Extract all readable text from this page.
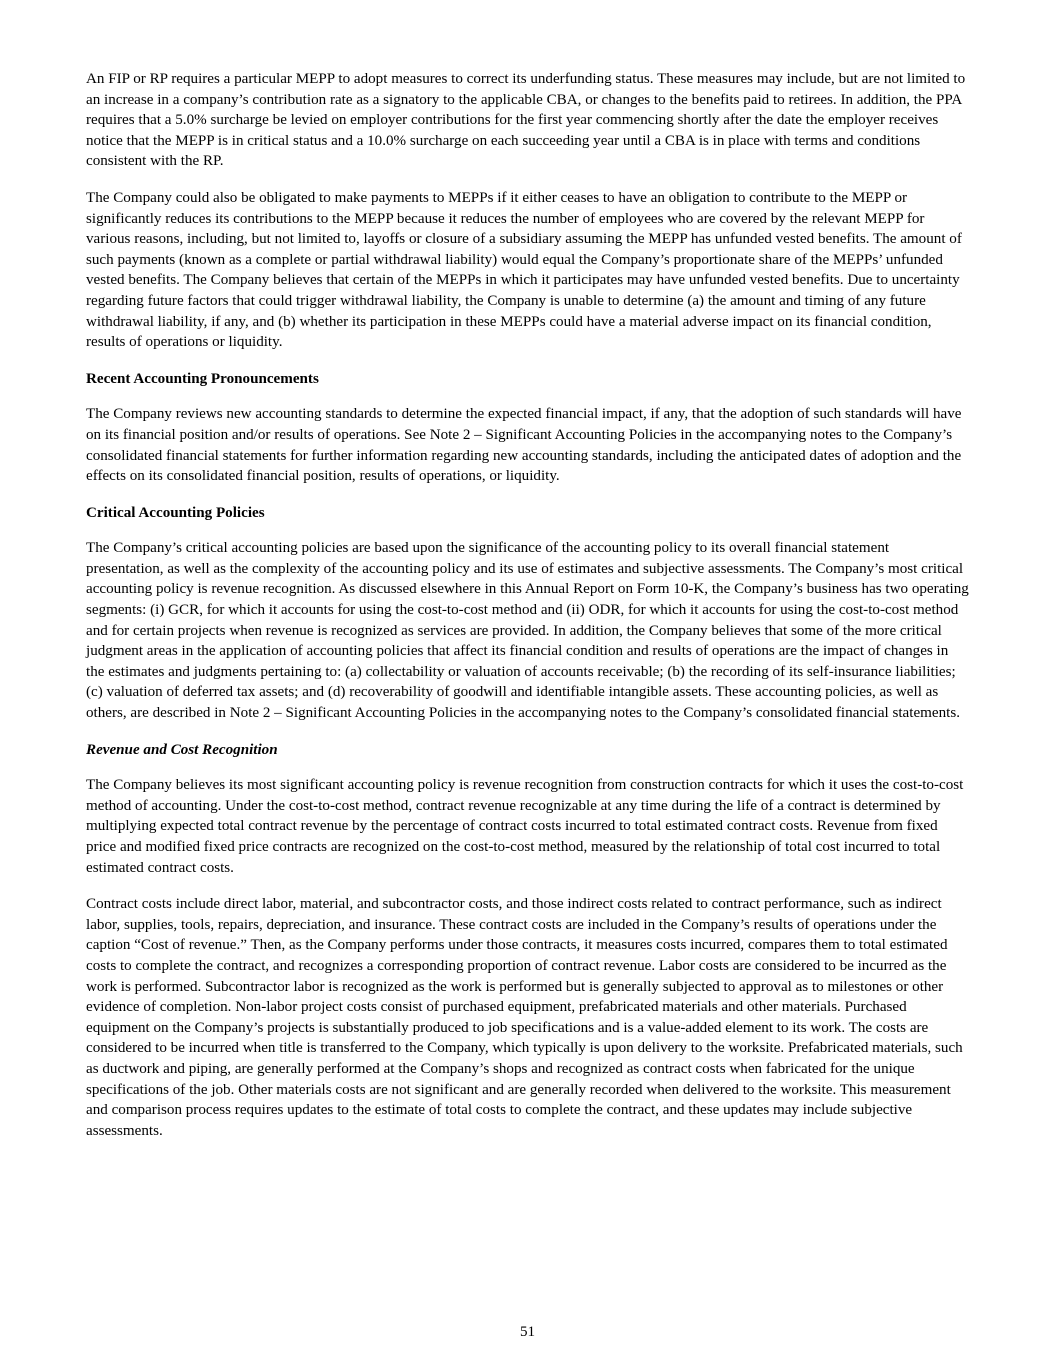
An FIP or RP requires a particular MEPP to adopt measures to correct its underfunding status. These measures may include, but are not limited to an increase in a company’s contribution rate as a signatory to the applicable CBA, or changes to the benefits paid to retirees. In addition, the PPA requires that a 5.0% surcharge be levied on employer contributions for the first year commencing shortly after the date the employer receives notice that the MEPP is in critical status and a 10.0% surcharge on each succeeding year until a CBA is in place with terms and conditions consistent with the RP.

The Company could also be obligated to make payments to MEPPs if it either ceases to have an obligation to contribute to the MEPP or significantly reduces its contributions to the MEPP because it reduces the number of employees who are covered by the relevant MEPP for various reasons, including, but not limited to, layoffs or closure of a subsidiary assuming the MEPP has unfunded vested benefits. The amount of such payments (known as a complete or partial withdrawal liability) would equal the Company’s proportionate share of the MEPPs’ unfunded vested benefits. The Company believes that certain of the MEPPs in which it participates may have unfunded vested benefits. Due to uncertainty regarding future factors that could trigger withdrawal liability, the Company is unable to determine (a) the amount and timing of any future withdrawal liability, if any, and (b) whether its participation in these MEPPs could have a material adverse impact on its financial condition, results of operations or liquidity.

Recent Accounting Pronouncements

The Company reviews new accounting standards to determine the expected financial impact, if any, that the adoption of such standards will have on its financial position and/or results of operations. See Note 2 – Significant Accounting Policies in the accompanying notes to the Company’s consolidated financial statements for further information regarding new accounting standards, including the anticipated dates of adoption and the effects on its consolidated financial position, results of operations, or liquidity.

Critical Accounting Policies

The Company’s critical accounting policies are based upon the significance of the accounting policy to its overall financial statement presentation, as well as the complexity of the accounting policy and its use of estimates and subjective assessments. The Company’s most critical accounting policy is revenue recognition. As discussed elsewhere in this Annual Report on Form 10-K, the Company’s business has two operating segments: (i) GCR, for which it accounts for using the cost-to-cost method and (ii) ODR, for which it accounts for using the cost-to-cost method and for certain projects when revenue is recognized as services are provided. In addition, the Company believes that some of the more critical judgment areas in the application of accounting policies that affect its financial condition and results of operations are the impact of changes in the estimates and judgments pertaining to: (a) collectability or valuation of accounts receivable; (b) the recording of its self-insurance liabilities; (c) valuation of deferred tax assets; and (d) recoverability of goodwill and identifiable intangible assets. These accounting policies, as well as others, are described in Note 2 – Significant Accounting Policies in the accompanying notes to the Company’s consolidated financial statements.

Revenue and Cost Recognition

The Company believes its most significant accounting policy is revenue recognition from construction contracts for which it uses the cost-to-cost method of accounting. Under the cost-to-cost method, contract revenue recognizable at any time during the life of a contract is determined by multiplying expected total contract revenue by the percentage of contract costs incurred to total estimated contract costs. Revenue from fixed price and modified fixed price contracts are recognized on the cost-to-cost method, measured by the relationship of total cost incurred to total estimated contract costs.

Contract costs include direct labor, material, and subcontractor costs, and those indirect costs related to contract performance, such as indirect labor, supplies, tools, repairs, depreciation, and insurance. These contract costs are included in the Company’s results of operations under the caption “Cost of revenue.” Then, as the Company performs under those contracts, it measures costs incurred, compares them to total estimated costs to complete the contract, and recognizes a corresponding proportion of contract revenue. Labor costs are considered to be incurred as the work is performed. Subcontractor labor is recognized as the work is performed but is generally subjected to approval as to milestones or other evidence of completion. Non-labor project costs consist of purchased equipment, prefabricated materials and other materials. Purchased equipment on the Company’s projects is substantially produced to job specifications and is a value-added element to its work. The costs are considered to be incurred when title is transferred to the Company, which typically is upon delivery to the worksite. Prefabricated materials, such as ductwork and piping, are generally performed at the Company’s shops and recognized as contract costs when fabricated for the unique specifications of the job. Other materials costs are not significant and are generally recorded when delivered to the worksite. This measurement and comparison process requires updates to the estimate of total costs to complete the contract, and these updates may include subjective assessments.

51
